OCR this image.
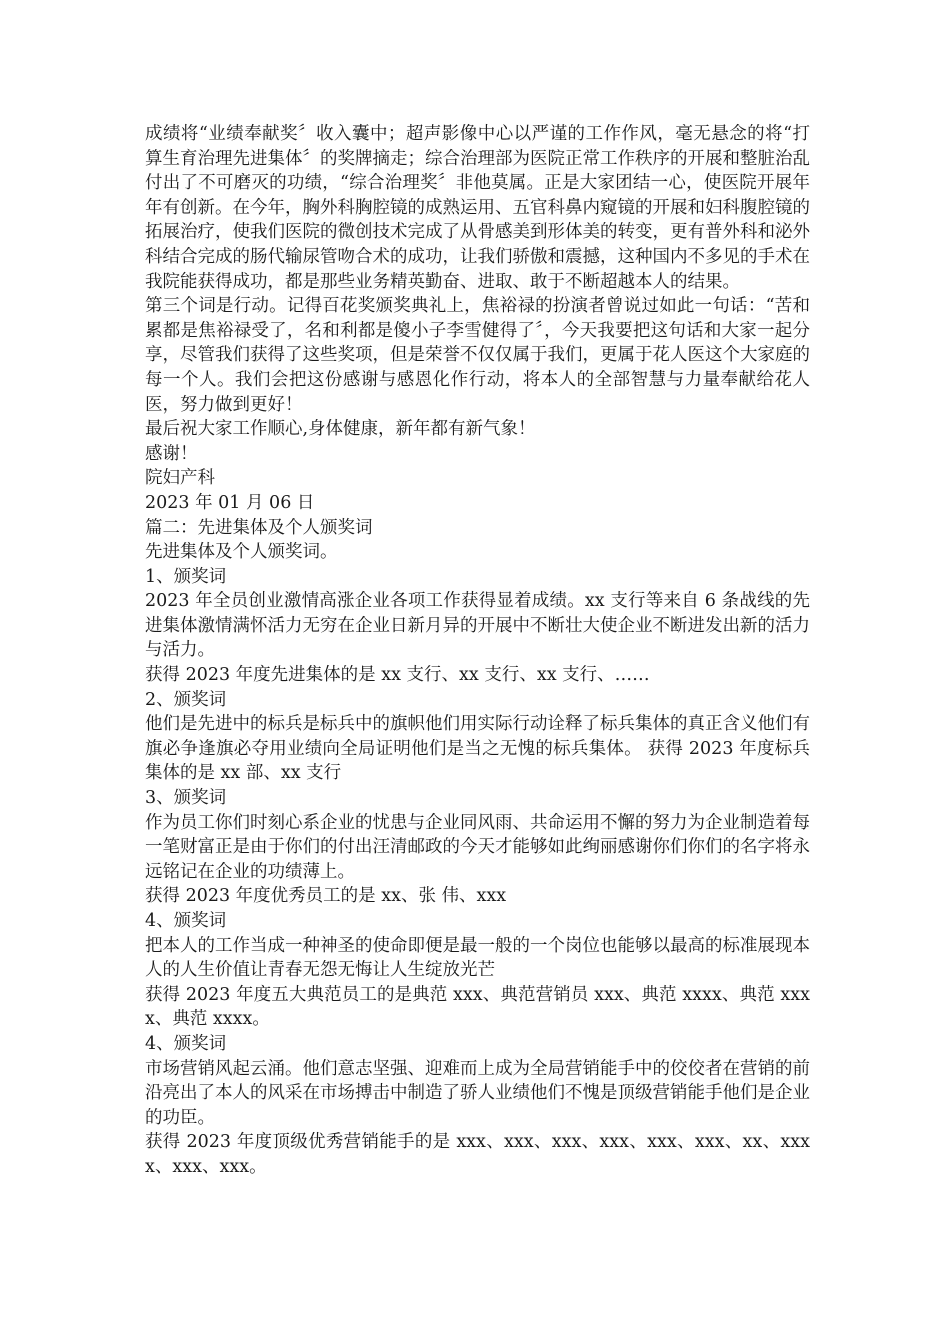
成绩将“业绩奉献奖〞收入囊中；超声影像中心以严谨的工作作风，毫无悬念的将“打算生育治理先进集体〞的奖牌摘走；综合治理部为医院正常工作秩序的开展和整脏治乱付出了不可磨灭的功绩，“综合治理奖〞非他莫属。正是大家团结一心，使医院开展年年有创新。在今年，胸外科胸腔镜的成熟运用、五官科鼻内窥镜的开展和妇科腹腔镜的拓展治疗，使我们医院的微创技术完成了从骨感美到形体美的转变，更有普外科和泌外科结合完成的肠代输尿管吻合术的成功，让我们骄傲和震撼，这种国内不多见的手术在我院能获得成功，都是那些业务精英勤奋、进取、敢于不断超越本人的结果。

第三个词是行动。记得百花奖颁奖典礼上，焦裕禄的扮演者曾说过如此一句话：“苦和累都是焦裕禄受了，名和利都是傻小子李雪健得了〞，今天我要把这句话和大家一起分享，尽管我们获得了这些奖项，但是荣誉不仅仅属于我们，更属于花人医这个大家庭的每一个人。我们会把这份感谢与感恩化作行动，将本人的全部智慧与力量奉献给花人医，努力做到更好！

最后祝大家工作顺心,身体健康，新年都有新气象！

感谢！

院妇产科

2023 年 01 月 06 日

篇二：先进集体及个人颁奖词

先进集体及个人颁奖词。

1、颁奖词

2023 年全员创业激情高涨企业各项工作获得显着成绩。xx 支行等来自 6 条战线的先进集体激情满怀活力无穷在企业日新月异的开展中不断壮大使企业不断进发出新的活力与活力。

获得 2023 年度先进集体的是 xx 支行、xx 支行、xx 支行、……

2、颁奖词

他们是先进中的标兵是标兵中的旗帜他们用实际行动诠释了标兵集体的真正含义他们有旗必争逢旗必夺用业绩向全局证明他们是当之无愧的标兵集体。 获得 2023 年度标兵集体的是 xx 部、xx 支行

3、颁奖词

作为员工你们时刻心系企业的忧患与企业同风雨、共命运用不懈的努力为企业制造着每一笔财富正是由于你们的付出汪清邮政的今天才能够如此绚丽感谢你们你们的名字将永远铭记在企业的功绩薄上。

获得 2023 年度优秀员工的是 xx、张 伟、xxx

4、颁奖词

把本人的工作当成一种神圣的使命即便是最一般的一个岗位也能够以最高的标准展现本人的人生价值让青春无怨无悔让人生绽放光芒

获得 2023 年度五大典范员工的是典范 xxx、典范营销员 xxx、典范 xxxx、典范 xxxx、典范 xxxx。

4、颁奖词

市场营销风起云涌。他们意志坚强、迎难而上成为全局营销能手中的佼佼者在营销的前沿亮出了本人的风采在市场搏击中制造了骄人业绩他们不愧是顶级营销能手他们是企业的功臣。

获得 2023 年度顶级优秀营销能手的是 xxx、xxx、xxx、xxx、xxx、xxx、xx、xxxx、xxx、xxx。
